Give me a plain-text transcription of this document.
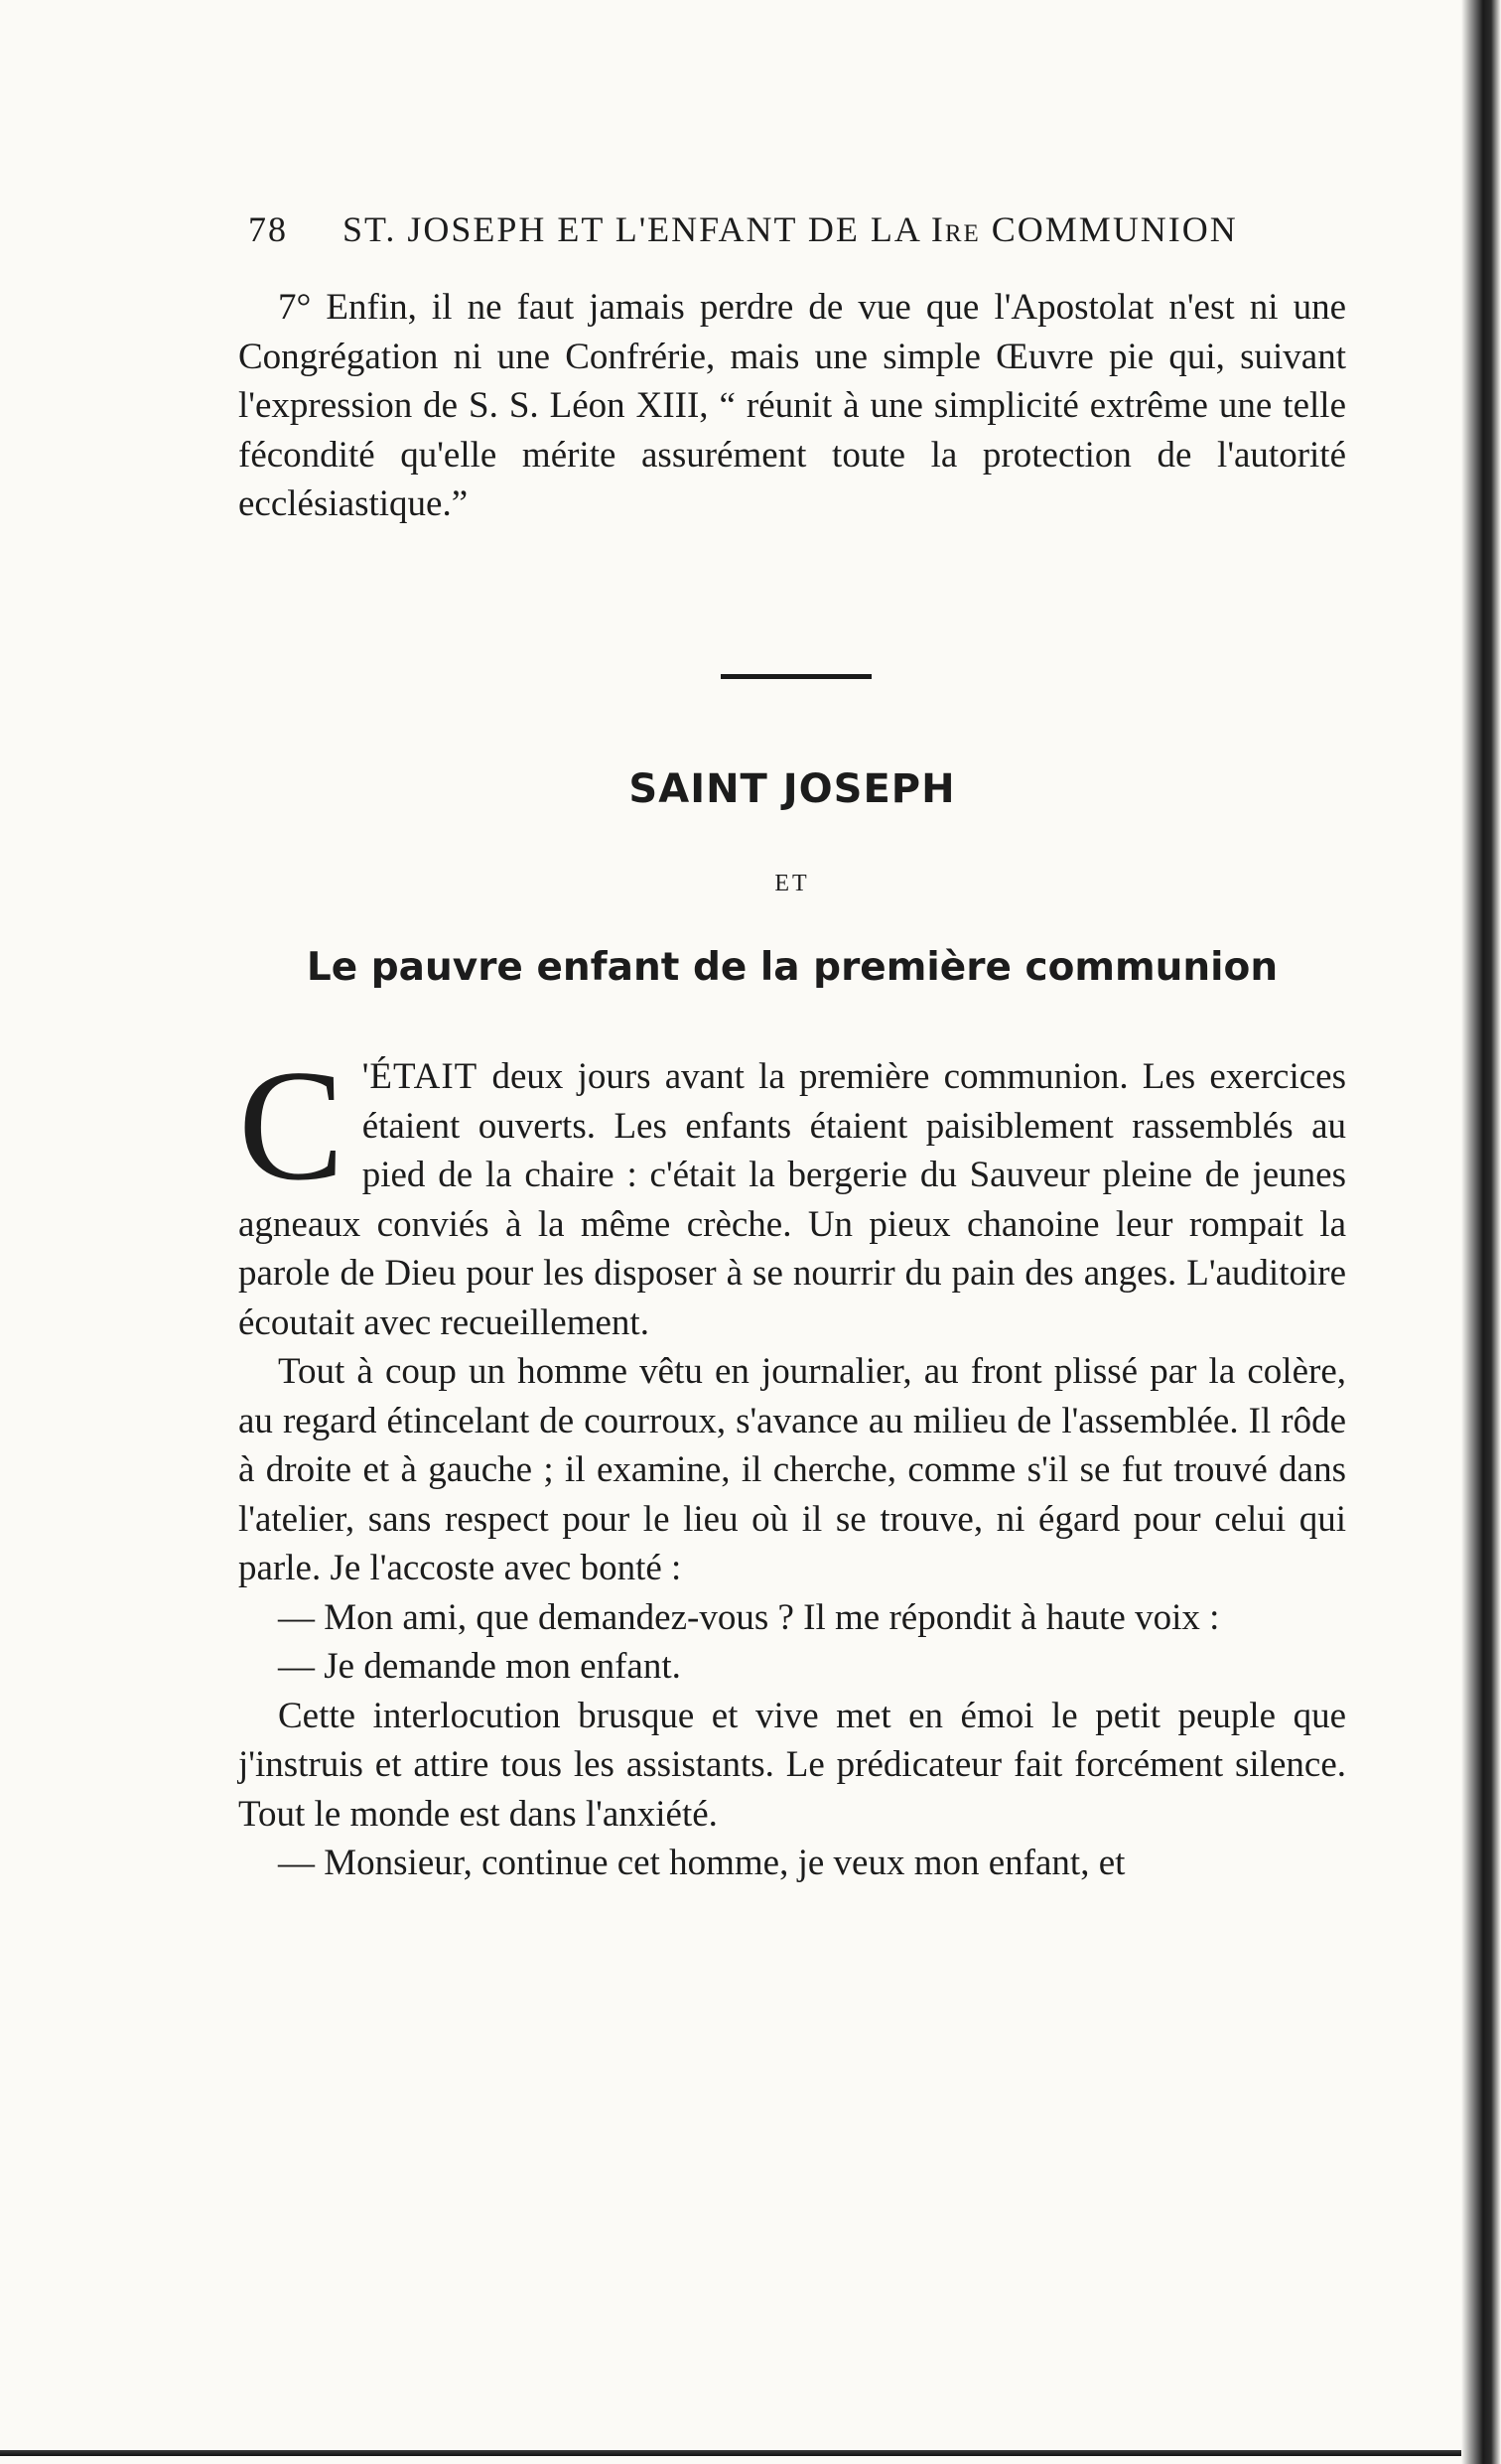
78 ST. JOSEPH ET L'ENFANT DE LA Ire COMMUNION

7° Enfin, il ne faut jamais perdre de vue que l'Apostolat n'est ni une Congrégation ni une Confrérie, mais une simple Œuvre pie qui, suivant l'expression de S. S. Léon XIII, “ réunit à une simplicité extrême une telle fécondité qu'elle mérite assurément toute la protection de l'autorité ecclésiastique.”

SAINT JOSEPH
ET
Le pauvre enfant de la première communion

C 'ÉTAIT deux jours avant la première communion. Les exercices étaient ouverts. Les enfants étaient paisiblement rassemblés au pied de la chaire : c'était la bergerie du Sauveur pleine de jeunes agneaux conviés à la même crèche. Un pieux chanoine leur rompait la parole de Dieu pour les disposer à se nourrir du pain des anges. L'auditoire écoutait avec recueillement.

Tout à coup un homme vêtu en journalier, au front plissé par la colère, au regard étincelant de courroux, s'avance au milieu de l'assemblée. Il rôde à droite et à gauche ; il examine, il cherche, comme s'il se fut trouvé dans l'atelier, sans respect pour le lieu où il se trouve, ni égard pour celui qui parle. Je l'accoste avec bonté :

— Mon ami, que demandez-vous ? Il me répondit à haute voix :

— Je demande mon enfant.

Cette interlocution brusque et vive met en émoi le petit peuple que j'instruis et attire tous les assistants. Le prédicateur fait forcément silence. Tout le monde est dans l'anxiété.

— Monsieur, continue cet homme, je veux mon enfant, et
